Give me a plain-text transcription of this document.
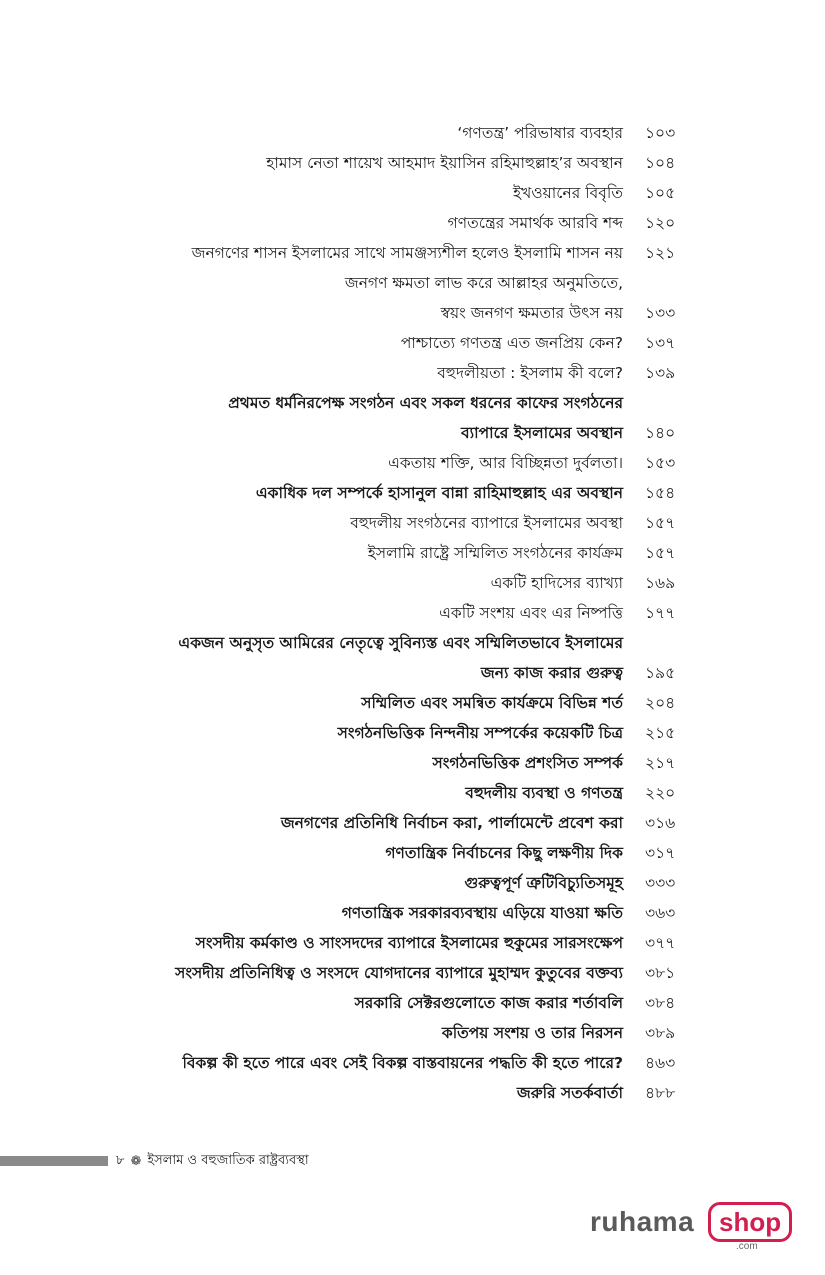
‘গণতন্ত্র’ পরিভাষার ব্যবহার	১০৩
হামাস নেতা শায়েখ আহমাদ ইয়াসিন রহিমাহুল্লাহ’র অবস্থান	১০৪
ইখওয়ানের বিবৃতি	১০৫
গণতন্ত্রের সমার্থক আরবি শব্দ	১২০
জনগণের শাসন ইসলামের সাথে সামঞ্জস্যশীল হলেও ইসলামি শাসন নয়	১২১
জনগণ ক্ষমতা লাভ করে আল্লাহর অনুমতিতে,
স্বয়ং জনগণ ক্ষমতার উৎস নয়	১৩৩
পাশ্চাত্যে গণতন্ত্র এত জনপ্রিয় কেন?	১৩৭
বহুদলীয়তা : ইসলাম কী বলে?	১৩৯
প্রথমত ধর্মনিরপেক্ষ সংগঠন এবং সকল ধরনের কাফের সংগঠনের
ব্যাপারে ইসলামের অবস্থান	১৪০
একতায় শক্তি, আর বিচ্ছিন্নতা দুর্বলতা।	১৫৩
একাধিক দল সম্পর্কে হাসানুল বান্না রাহিমাহুল্লাহ এর অবস্থান	১৫৪
বহুদলীয় সংগঠনের ব্যাপারে ইসলামের অবস্থা	১৫৭
ইসলামি রাষ্ট্রে সম্মিলিত সংগঠনের কার্যক্রম	১৫৭
একটি হাদিসের ব্যাখ্যা	১৬৯
একটি সংশয় এবং এর নিষ্পত্তি	১৭৭
একজন অনুসৃত আমিরের নেতৃত্বে সুবিন্যস্ত এবং সম্মিলিতভাবে ইসলামের
জন্য কাজ করার গুরুত্ব	১৯৫
সম্মিলিত এবং সমন্বিত কার্যক্রমে বিভিন্ন শর্ত	২০৪
সংগঠনভিত্তিক নিন্দনীয় সম্পর্কের কয়েকটি চিত্র	২১৫
সংগঠনভিত্তিক প্রশংসিত সম্পর্ক	২১৭
বহুদলীয় ব্যবস্থা ও গণতন্ত্র	২২০
জনগণের প্রতিনিধি নির্বাচন করা, পার্লামেন্টে প্রবেশ করা	৩১৬
গণতান্ত্রিক নির্বাচনের কিছু লক্ষণীয় দিক	৩১৭
গুরুত্বপূর্ণ ত্রুটিবিচ্যুতিসমূহ	৩৩৩
গণতান্ত্রিক সরকারব্যবস্থায় এড়িয়ে যাওয়া ক্ষতি	৩৬৩
সংসদীয় কর্মকাণ্ড ও সাংসদদের ব্যাপারে ইসলামের হুকুমের সারসংক্ষেপ	৩৭৭
সংসদীয় প্রতিনিধিত্ব ও সংসদে যোগদানের ব্যাপারে মুহাম্মদ কুতুবের বক্তব্য	৩৮১
সরকারি সেক্টরগুলোতে কাজ করার শর্তাবলি	৩৮৪
কতিপয় সংশয় ও তার নিরসন	৩৮৯
বিকল্প কী হতে পারে এবং সেই বিকল্প বাস্তবায়নের পদ্ধতি কী হতে পারে?	৪৬৩
জরুরি সতর্কবার্তা	৪৮৮
৮ ❁ ইসলাম ও বহুজাতিক রাষ্ট্রব্যবস্থা
ruhama shop
.com
